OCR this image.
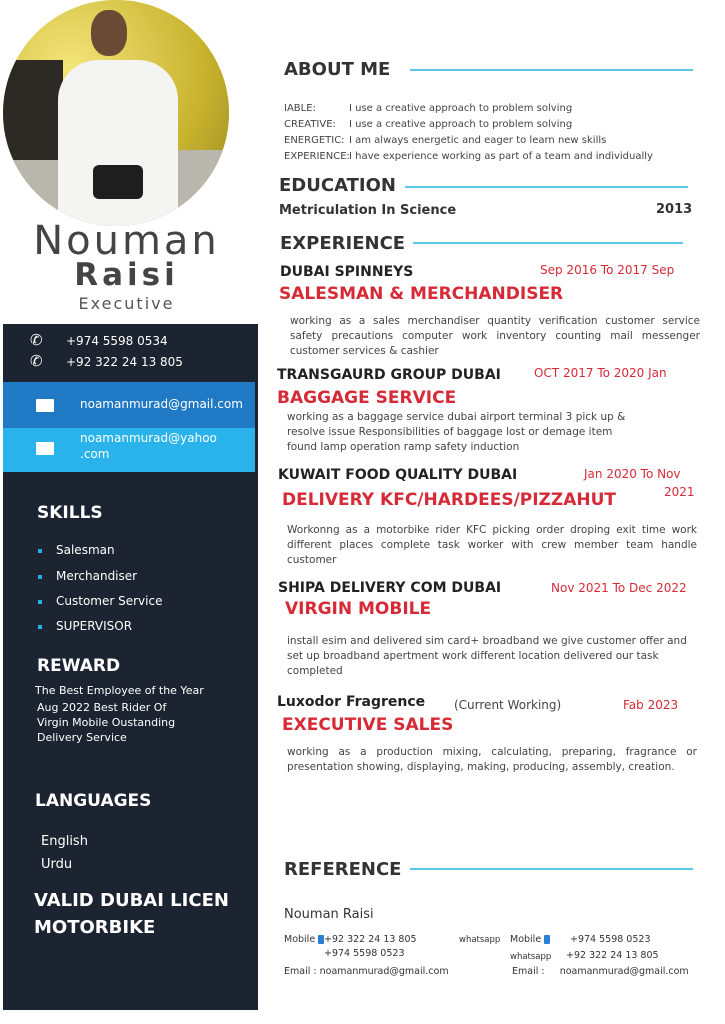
Nouman
Raisi
Executive
✆ +974 5598 0534
✆ +92 322 24 13 805
noamanmurad@gmail.com
noamanmurad@yahoo
.com
SKILLS
Salesman
Merchandiser
Customer Service
SUPERVISOR
REWARD
The Best Employee of the Year
Aug 2022 Best Rider Of
Virgin Mobile Oustanding
Delivery Service
LANGUAGES
English
Urdu
VALID DUBAI LICEN
MOTORBIKE
ABOUT ME
IABLE:	I use a creative approach to problem solving
CREATIVE: I use a creative approach to problem solving
ENERGETIC: I am always energetic and eager to learn new skills
EXPERIENCE:I have experience working as part of a team and individually
EDUCATION
Metriculation In Science	2013
EXPERIENCE
DUBAI SPINNEYS	Sep 2016 To 2017 Sep
SALESMAN & MERCHANDISER
working as a sales merchandiser quantity verification customer service safety precautions computer work inventory counting mail messenger customer services & cashier
TRANSGAURD GROUP DUBAI	OCT 2017 To 2020 Jan
BAGGAGE SERVICE
working as a baggage service dubai airport terminal 3 pick up & resolve issue Responsibilities of baggage lost or demage item found lamp operation ramp safety induction
KUWAIT FOOD QUALITY DUBAI	Jan 2020 To Nov
2021
DELIVERY KFC/HARDEES/PIZZAHUT
Workonng as a motorbike rider KFC picking order droping exit time work different places complete task worker with crew member team handle customer
SHIPA DELIVERY COM DUBAI	Nov 2021 To Dec 2022
VIRGIN MOBILE
install esim and delivered sim card+ broadband we give customer offer and set up broadband apertment work different location delivered our task completed
Luxodor Fragrence (Current Working)	Fab 2023
EXECUTIVE SALES
working as a production mixing, calculating, preparing, fragrance or presentation showing, displaying, making, producing, assembly, creation.
REFERENCE
Nouman Raisi
Mobile +92 322 24 13 805
+974 5598 0523
Email : noamanmurad@gmail.com
whatsapp Mobile	+974 5598 0523
whatsapp +92 322 24 13 805
Email : noamanmurad@gmail.com
